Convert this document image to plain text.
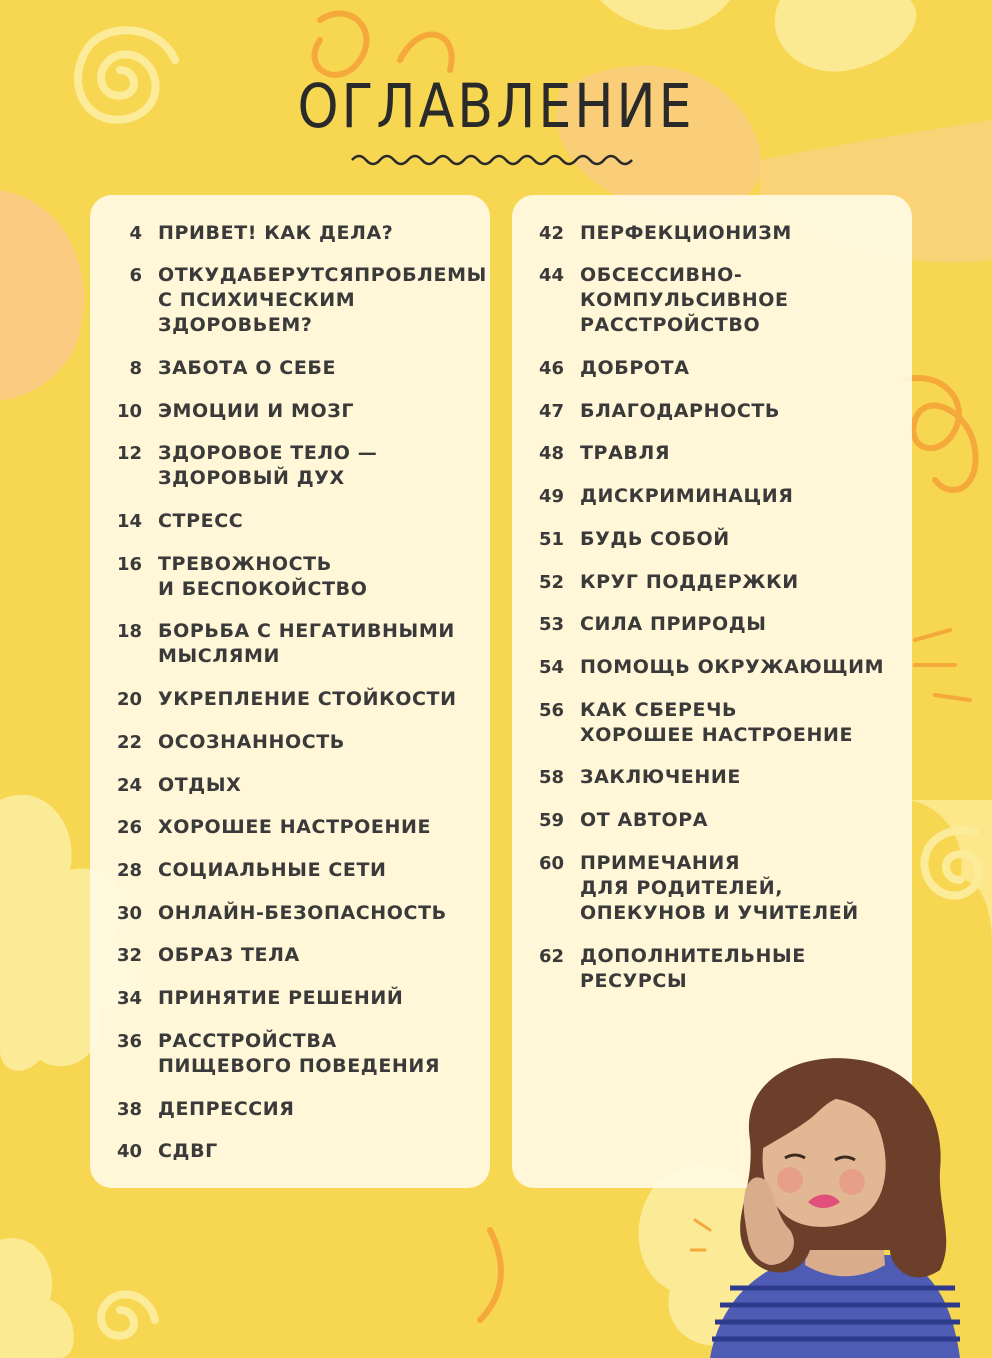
ОГЛАВЛЕНИЕ
4 ПРИВЕТ! КАК ДЕЛА?
6 ОТКУДАБЕРУТСЯПРОБЛЕМЫ
С ПСИХИЧЕСКИМ
ЗДОРОВЬЕМ?
8 ЗАБОТА О СЕБЕ
10 ЭМОЦИИ И МОЗГ
12 ЗДОРОВОЕ ТЕЛО —
ЗДОРОВЫЙ ДУХ
14 СТРЕСС
16 ТРЕВОЖНОСТЬ
И БЕСПОКОЙСТВО
18 БОРЬБА С НЕГАТИВНЫМИ
МЫСЛЯМИ
20 УКРЕПЛЕНИЕ СТОЙКОСТИ
22 ОСОЗНАННОСТЬ
24 ОТДЫХ
26 ХОРОШЕЕ НАСТРОЕНИЕ
28 СОЦИАЛЬНЫЕ СЕТИ
30 ОНЛАЙН-БЕЗОПАСНОСТЬ
32 ОБРАЗ ТЕЛА
34 ПРИНЯТИЕ РЕШЕНИЙ
36 РАССТРОЙСТВА
ПИЩЕВОГО ПОВЕДЕНИЯ
38 ДЕПРЕССИЯ
40 СДВГ
42 ПЕРФЕКЦИОНИЗМ
44 ОБСЕССИВНО-
КОМПУЛЬСИВНОЕ
РАССТРОЙСТВО
46 ДОБРОТА
47 БЛАГОДАРНОСТЬ
48 ТРАВЛЯ
49 ДИСКРИМИНАЦИЯ
51 БУДЬ СОБОЙ
52 КРУГ ПОДДЕРЖКИ
53 СИЛА ПРИРОДЫ
54 ПОМОЩЬ ОКРУЖАЮЩИМ
56 КАК СБЕРЕЧЬ
ХОРОШЕЕ НАСТРОЕНИЕ
58 ЗАКЛЮЧЕНИЕ
59 ОТ АВТОРА
60 ПРИМЕЧАНИЯ
ДЛЯ РОДИТЕЛЕЙ,
ОПЕКУНОВ И УЧИТЕЛЕЙ
62 ДОПОЛНИТЕЛЬНЫЕ
РЕСУРСЫ
